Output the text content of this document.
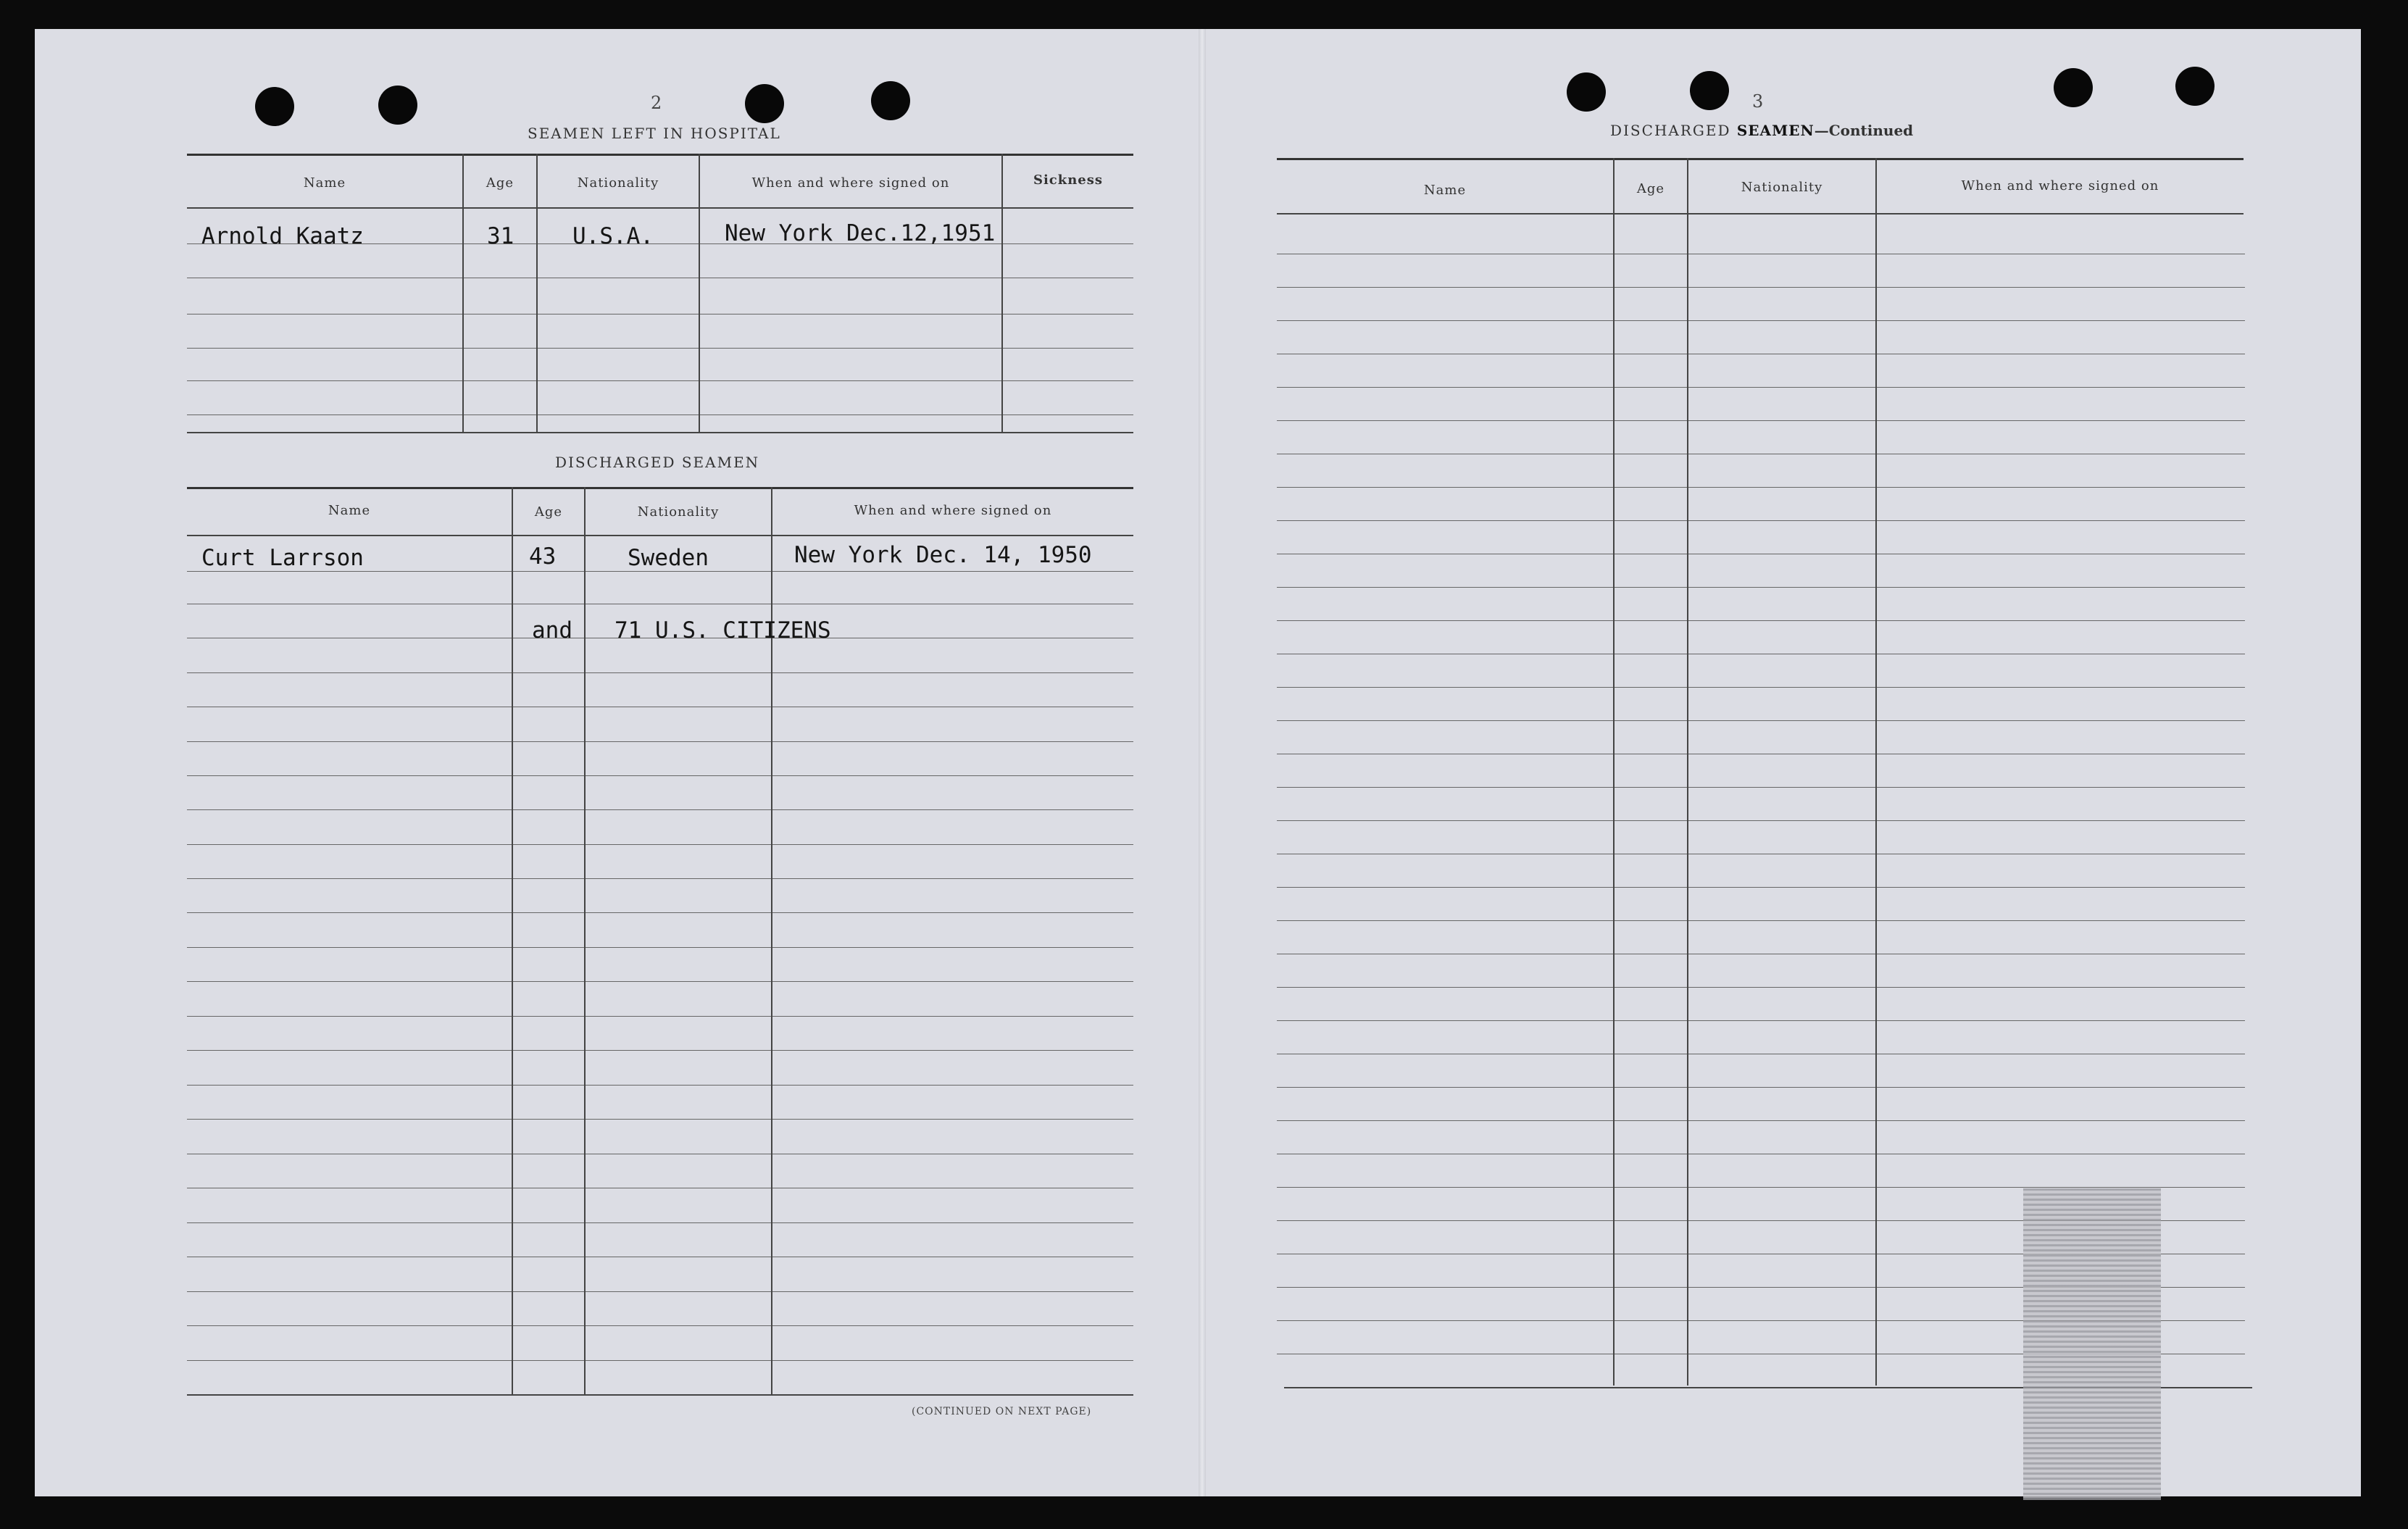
2
SEAMEN LEFT IN HOSPITAL
Name	Age	Nationality	When and where signed on	Sickness
Arnold Kaatz	31	U.S.A.	New York Dec.12,1951
DISCHARGED SEAMEN
Name	Age	Nationality	When and where signed on
Curt Larrson	43	Sweden	New York Dec. 14, 1950
and 71 U.S. CITIZENS
(CONTINUED ON NEXT PAGE)
3
DISCHARGED SEAMEN—Continued
Name	Age	Nationality	When and where signed on
